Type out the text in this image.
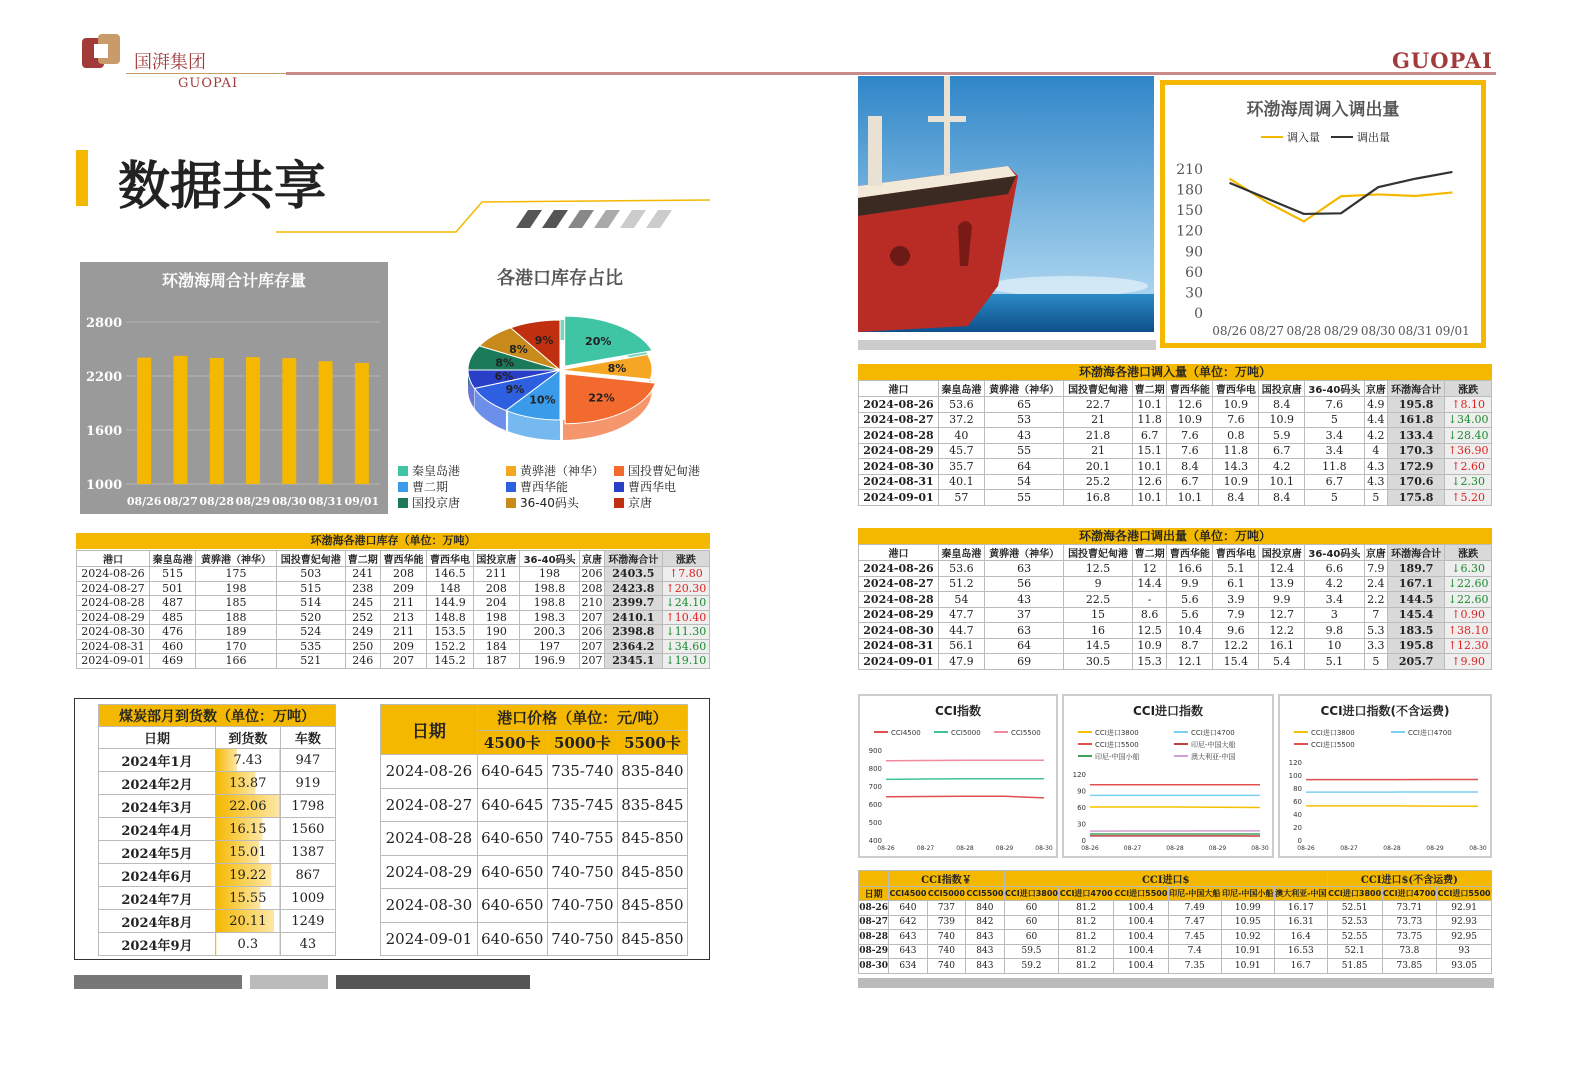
国湃集团
GUOPAI
GUOPAI
数据共享
环渤海周合计库存量
2800
2200
1600
1000
08/26 08/27 08/28 08/29 08/30 08/31 09/01
各港口库存占比
20%
8%
22%
10%
9%
6%
8%
8%
9%
秦皇岛港	黄骅港（神华） 国投曹妃甸港
曹二期	曹西华能	曹西华电
国投京唐	36-40码头	京唐
环渤海各港口库存（单位：万吨）
港口	秦皇岛港	黄骅港（神华）	国投曹妃甸港	曹二期	曹西华能	曹西华电	国投京唐	36-40码头	京唐	环渤海合计	涨跌
2024-08-26	515	175	503	241	208	146.5	211	198	206	2403.5	↑7.80
2024-08-27	501	198	515	238	209	148	208	198.8	208	2423.8	↑20.30
2024-08-28	487	185	514	245	211	144.9	204	198.8	210	2399.7	↓24.10
2024-08-29	485	188	520	252	213	148.8	198	198.3	207	2410.1	↑10.40
2024-08-30	476	189	524	249	211	153.5	190	200.3	206	2398.8	↓11.30
2024-08-31	460	170	535	250	209	152.2	184	197	207	2364.2	↓34.60
2024-09-01	469	166	521	246	207	145.2	187	196.9	207	2345.1	↓19.10
煤炭部月到货数（单位：万吨）		
日期	到货数	车数
2024年1月	7.43	947
2024年2月	13.87	919
2024年3月	22.06	1798
2024年4月	16.15	1560
2024年5月	15.01	1387
2024年6月	19.22	867
2024年7月	15.55	1009
2024年8月	20.11	1249
2024年9月	0.3	43
日期	港口价格（单位：元/吨）		
	4500卡	5000卡	5500卡
2024-08-26	640-645	735-740	835-840
2024-08-27	640-645	735-745	835-845
2024-08-28	640-650	740-755	845-850
2024-08-29	640-650	740-750	845-850
2024-08-30	640-650	740-750	845-850
2024-09-01	640-650	740-750	845-850
环渤海周调入调出量
调入量	调出量
210
180
150
120
90
60
30
0
08/26 08/27 08/28 08/29 08/30 08/31 09/01
环渤海各港口调入量（单位：万吨）
港口	秦皇岛港	黄骅港（神华）	国投曹妃甸港	曹二期	曹西华能	曹西华电	国投京唐	36-40码头	京唐	环渤海合计	涨跌
2024-08-26	53.6	65	22.7	10.1	12.6	10.9	8.4	7.6	4.9	195.8	↑8.10
2024-08-27	37.2	53	21	11.8	10.9	7.6	10.9	5	4.4	161.8	↓34.00
2024-08-28	40	43	21.8	6.7	7.6	0.8	5.9	3.4	4.2	133.4	↓28.40
2024-08-29	45.7	55	21	15.1	7.6	11.8	6.7	3.4	4	170.3	↑36.90
2024-08-30	35.7	64	20.1	10.1	8.4	14.3	4.2	11.8	4.3	172.9	↑2.60
2024-08-31	40.1	54	25.2	12.6	6.7	10.9	10.1	6.7	4.3	170.6	↓2.30
2024-09-01	57	55	16.8	10.1	10.1	8.4	8.4	5	5	175.8	↑5.20
环渤海各港口调出量（单位：万吨）
港口	秦皇岛港	黄骅港（神华）	国投曹妃甸港	曹二期	曹西华能	曹西华电	国投京唐	36-40码头	京唐	环渤海合计	涨跌
2024-08-26	53.6	63	12.5	12	16.6	5.1	12.4	6.6	7.9	189.7	↓6.30
2024-08-27	51.2	56	9	14.4	9.9	6.1	13.9	4.2	2.4	167.1	↓22.60
2024-08-28	54	43	22.5	-	5.6	3.9	9.9	3.4	2.2	144.5	↓22.60
2024-08-29	47.7	37	15	8.6	5.6	7.9	12.7	3	7	145.4	↑0.90
2024-08-30	44.7	63	16	12.5	10.4	9.6	12.2	9.8	5.3	183.5	↑38.10
2024-08-31	56.1	64	14.5	10.9	8.7	12.2	16.1	10	3.3	195.8	↑12.30
2024-09-01	47.9	69	30.5	15.3	12.1	15.4	5.4	5.1	5	205.7	↑9.90
CCI指数
CCI4500	CCI5000	CCI5500
900
800
700
600
500
400
08-26	08-27	08-28	08-29	08-30
CCI进口指数
CCI进口3800	CCI进口4700
CCI进口5500	印尼-中国大船
印尼-中国小船	澳大利亚-中国
120
90
60
30
0
08-26	08-27	08-28	08-29	08-30
CCI进口指数(不含运费)
CCI进口3800	CCI进口4700
CCI进口5500
120
100
80
60
40
20
0
08-26	08-27	08-28	08-29	08-30
	CCI指数￥			CCI进口$						CCI进口$(不含运费)		
日期	CCI4500	CCI5000	CCI5500	CCI进口3800	CCI进口4700	CCI进口5500	印尼-中国大船	印尼-中国小船	澳大利亚-中国	CCI进口3800	CCI进口4700	CCI进口5500
08-26	640	737	840	60	81.2	100.4	7.49	10.99	16.17	52.51	73.71	92.91
08-27	642	739	842	60	81.2	100.4	7.47	10.95	16.31	52.53	73.73	92.93
08-28	643	740	843	60	81.2	100.4	7.45	10.92	16.4	52.55	73.75	92.95
08-29	643	740	843	59.5	81.2	100.4	7.4	10.91	16.53	52.1	73.8	93
08-30	634	740	843	59.2	81.2	100.4	7.35	10.91	16.7	51.85	73.85	93.05
